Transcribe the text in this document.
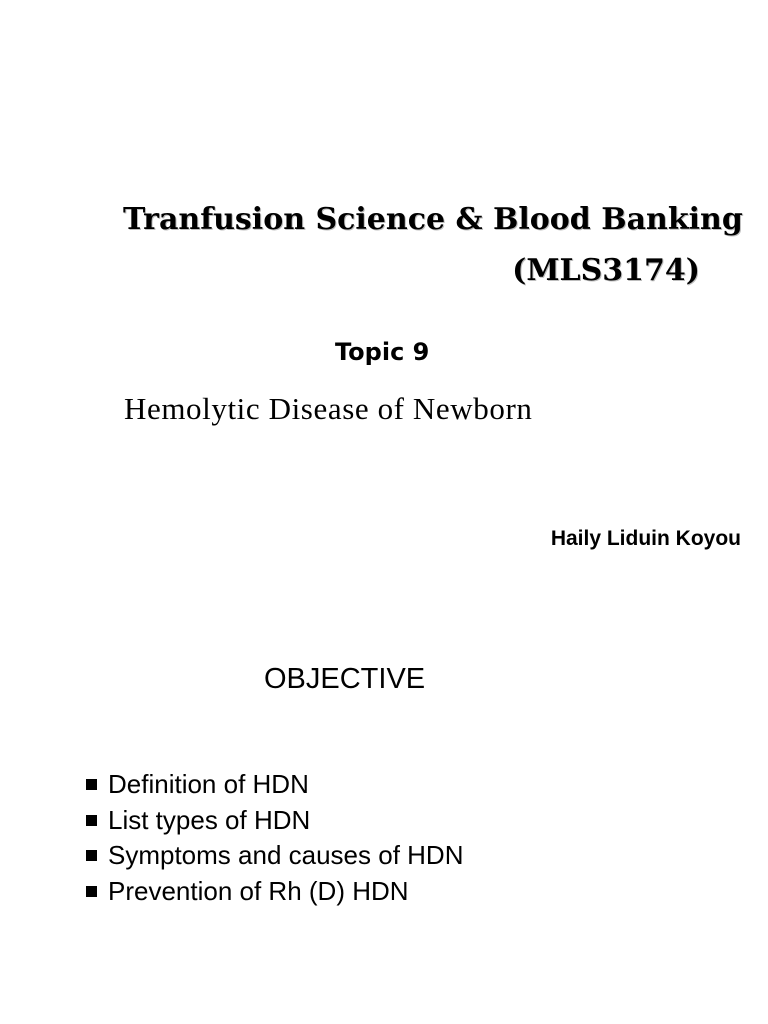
Tranfusion Science & Blood Banking
(MLS3174)
Topic 9
Hemolytic Disease of Newborn
Haily Liduin Koyou
OBJECTIVE
Definition of HDN
List types of HDN
Symptoms and causes of HDN
Prevention of Rh (D) HDN
